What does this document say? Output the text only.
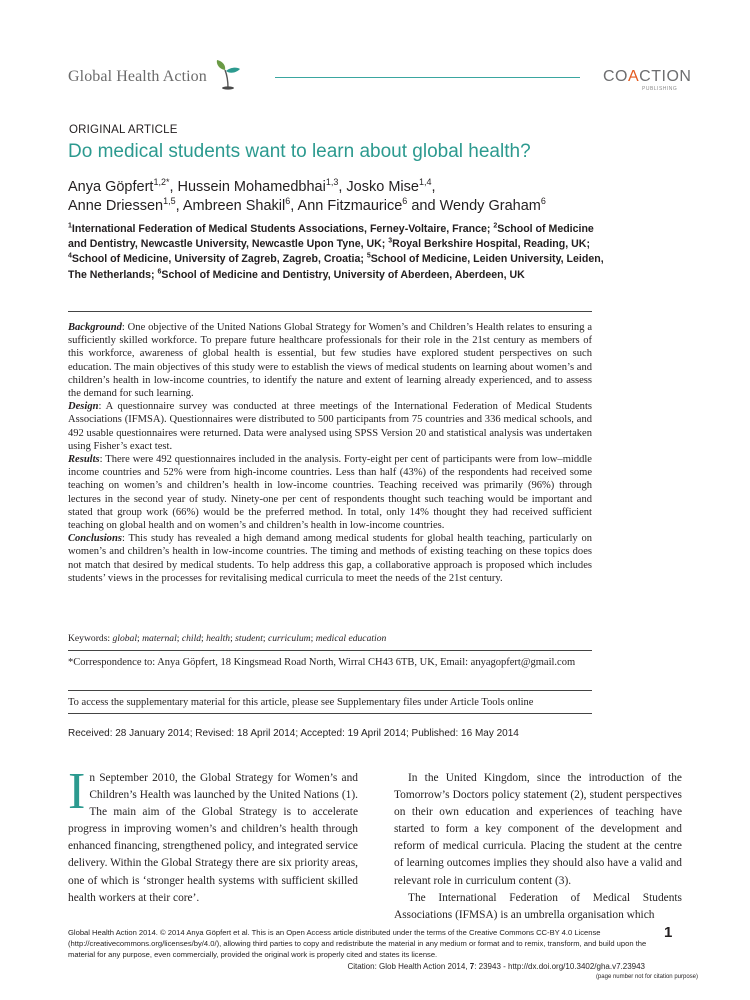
Global Health Action	COACTION
PUBLISHING
ORIGINAL ARTICLE
Do medical students want to learn about global health?
Anya Göpfert$^{1,2*}$, Hussein Mohamedbhai$^{1,3}$, Josko Mise$^{1,4}$,
Anne Driessen$^{1,5}$, Ambreen Shakil$^6$, Ann Fitzmaurice$^6$ and Wendy Graham$^6$
$^1$International Federation of Medical Students Associations, Ferney-Voltaire, France; $^2$School of Medicine and Dentistry, Newcastle University, Newcastle Upon Tyne, UK; $^3$Royal Berkshire Hospital, Reading, UK; $^4$School of Medicine, University of Zagreb, Zagreb, Croatia; $^5$School of Medicine, Leiden University, Leiden, The Netherlands; $^6$School of Medicine and Dentistry, University of Aberdeen, Aberdeen, UK

Background: One objective of the United Nations Global Strategy for Women’s and Children’s Health relates to ensuring a sufficiently skilled workforce. To prepare future healthcare professionals for their role in the 21st century as members of this workforce, awareness of global health is essential, but few studies have explored student perspectives on such education. The main objectives of this study were to establish the views of medical students on learning about women’s and children’s health in low-income countries, to identify the nature and extent of learning already experienced, and to assess the demand for such learning.

Design: A questionnaire survey was conducted at three meetings of the International Federation of Medical Students Associations (IFMSA). Questionnaires were distributed to 500 participants from 75 countries and 336 medical schools, and 492 usable questionnaires were returned. Data were analysed using SPSS Version 20 and statistical analysis was undertaken using Fisher’s exact test.

Results: There were 492 questionnaires included in the analysis. Forty-eight per cent of participants were from low–middle income countries and 52% were from high-income countries. Less than half (43%) of the respondents had received some teaching on women’s and children’s health in low-income countries. Teaching received was primarily (96%) through lectures in the second year of study. Ninety-one per cent of respondents thought such teaching would be important and stated that group work (66%) would be the preferred method. In total, only 14% thought they had received sufficient teaching on global health and on women’s and children’s health in low-income countries.

Conclusions: This study has revealed a high demand among medical students for global health teaching, particularly on women’s and children’s health in low-income countries. The timing and methods of existing teaching on these topics does not match that desired by medical students. To help address this gap, a collaborative approach is proposed which includes students’ views in the processes for revitalising medical curricula to meet the needs of the 21st century.

Keywords: global; maternal; child; health; student; curriculum; medical education
*Correspondence to: Anya Göpfert, 18 Kingsmead Road North, Wirral CH43 6TB, UK, Email: anyagopfert@gmail.com
To access the supplementary material for this article, please see Supplementary files under Article Tools online
Received: 28 January 2014; Revised: 18 April 2014; Accepted: 19 April 2014; Published: 16 May 2014

In September 2010, the Global Strategy for Women’s and Children’s Health was launched by the United Nations (1). The main aim of the Global Strategy is to accelerate progress in improving women’s and children’s health through enhanced financing, strengthened policy, and integrated service delivery. Within the Global Strategy there are six priority areas, one of which is ‘stronger health systems with sufficient skilled health workers at their core’.

In the United Kingdom, since the introduction of the Tomorrow’s Doctors policy statement (2), student perspectives on their own education and experiences of teaching have started to form a key component of the development and reform of medical curricula. Placing the student at the centre of learning outcomes implies they should also have a valid and relevant role in curriculum content (3).

The International Federation of Medical Students Associations (IFMSA) is an umbrella organisation which

Global Health Action 2014. © 2014 Anya Göpfert et al. This is an Open Access article distributed under the terms of the Creative Commons CC-BY 4.0 License (http://creativecommons.org/licenses/by/4.0/), allowing third parties to copy and redistribute the material in any medium or format and to remix, transform, and build upon the material for any purpose, even commercially, provided the original work is properly cited and states its license.
1
Citation: Glob Health Action 2014, 7: 23943 - http://dx.doi.org/10.3402/gha.v7.23943
(page number not for citation purpose)
